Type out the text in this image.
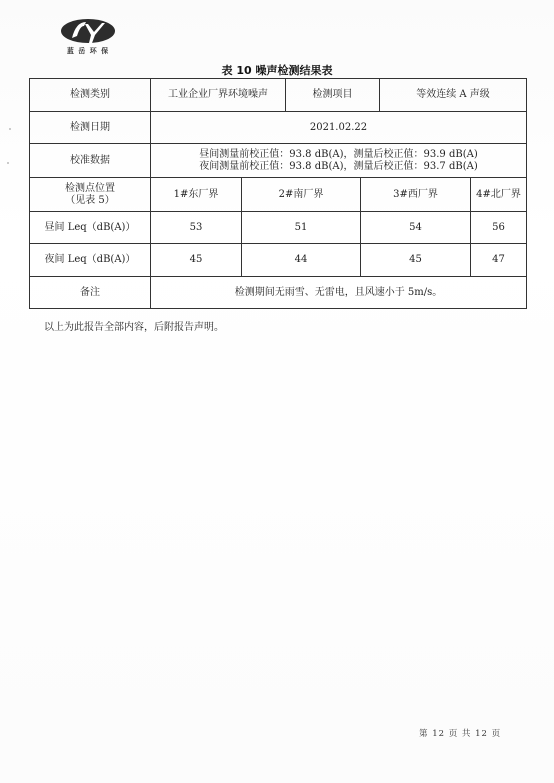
蓝 岳 环 保
表 10 噪声检测结果表
检测类别	工业企业厂界环境噪声		检测项目		等效连续 A 声级	
检测日期	2021.02.22					
校准数据	昼间测量前校正值：93.8 dB(A)，测量后校正值：93.9 dB(A)
夜间测量前校正值：93.8 dB(A)，测量后校正值：93.7 dB(A)					

检测点位置
（见表 5）	1#东厂界	2#南厂界		3#西厂界		4#北厂界
昼间 Leq（dB(A)）	53	51		54		56
夜间 Leq（dB(A)）	45	44		45		47
备注	检测期间无雨雪、无雷电，且风速小于 5m/s。					
以上为此报告全部内容，后附报告声明。
第 12 页 共 12 页
